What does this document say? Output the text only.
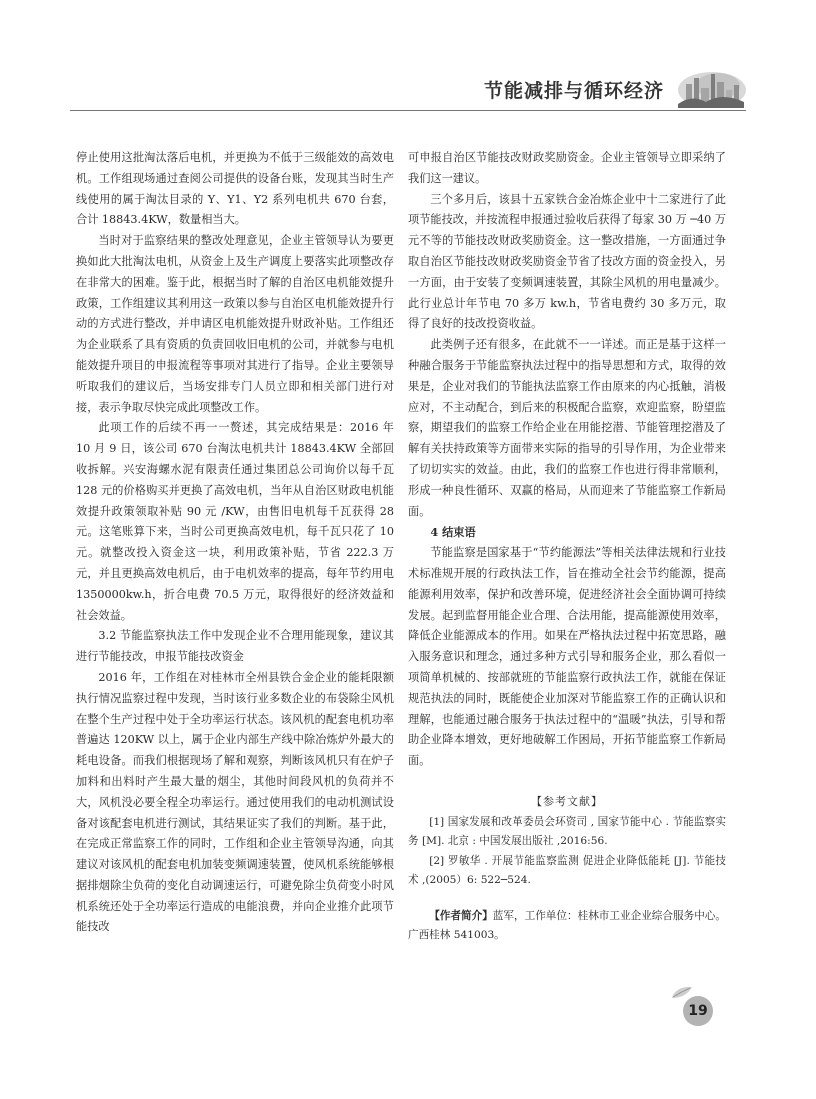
节能减排与循环经济

停止使用这批淘汰落后电机，并更换为不低于三级能效的高效电机。工作组现场通过查阅公司提供的设备台账，发现其当时生产线使用的属于淘汰目录的 Y、Y1、Y2 系列电机共 670 台套，合计 18843.4KW，数量相当大。

当时对于监察结果的整改处理意见，企业主管领导认为要更换如此大批淘汰电机，从资金上及生产调度上要落实此项整改存在非常大的困难。鉴于此，根据当时了解的自治区电机能效提升政策，工作组建议其利用这一政策以参与自治区电机能效提升行动的方式进行整改，并申请区电机能效提升财政补贴。工作组还为企业联系了具有资质的负责回收旧电机的公司，并就参与电机能效提升项目的申报流程等事项对其进行了指导。企业主要领导听取我们的建议后，当场安排专门人员立即和相关部门进行对接，表示争取尽快完成此项整改工作。

此项工作的后续不再一一赘述，其完成结果是：2016 年 10 月 9 日，该公司 670 台淘汰电机共计 18843.4KW 全部回收拆解。兴安海螺水泥有限责任通过集团总公司询价以每千瓦 128 元的价格购买并更换了高效电机，当年从自治区财政电机能效提升政策领取补贴 90 元 /KW，由售旧电机每千瓦获得 28 元。这笔账算下来，当时公司更换高效电机，每千瓦只花了 10 元。就整改投入资金这一块，利用政策补贴，节省 222.3 万元，并且更换高效电机后，由于电机效率的提高，每年节约用电 1350000kw.h，折合电费 70.5 万元，取得很好的经济效益和社会效益。

3.2 节能监察执法工作中发现企业不合理用能现象，建议其进行节能技改，申报节能技改资金

2016 年，工作组在对桂林市全州县铁合金企业的能耗限额执行情况监察过程中发现，当时该行业多数企业的布袋除尘风机在整个生产过程中处于全功率运行状态。该风机的配套电机功率普遍达 120KW 以上，属于企业内部生产线中除冶炼炉外最大的耗电设备。而我们根据现场了解和观察，判断该风机只有在炉子加料和出料时产生最大量的烟尘，其他时间段风机的负荷并不大，风机没必要全程全功率运行。通过使用我们的电动机测试设备对该配套电机进行测试，其结果证实了我们的判断。基于此，在完成正常监察工作的同时，工作组和企业主管领导沟通，向其建议对该风机的配套电机加装变频调速装置，使风机系统能够根据排烟除尘负荷的变化自动调速运行，可避免除尘负荷变小时风机系统还处于全功率运行造成的电能浪费，并向企业推介此项节能技改

可申报自治区节能技改财政奖励资金。企业主管领导立即采纳了我们这一建议。

三个多月后，该县十五家铁合金冶炼企业中十二家进行了此项节能技改，并按流程申报通过验收后获得了每家 30 万 ─40 万元不等的节能技改财政奖励资金。这一整改措施，一方面通过争取自治区节能技改财政奖励资金节省了技改方面的资金投入，另一方面，由于安装了变频调速装置，其除尘风机的用电量减少。此行业总计年节电 70 多万 kw.h，节省电费约 30 多万元，取得了良好的技改投资收益。

此类例子还有很多，在此就不一一详述。而正是基于这样一种融合服务于节能监察执法过程中的指导思想和方式，取得的效果是，企业对我们的节能执法监察工作由原来的内心抵触，消极应对，不主动配合，到后来的积极配合监察，欢迎监察，盼望监察，期望我们的监察工作给企业在用能挖潜、节能管理挖潜及了解有关扶持政策等方面带来实际的指导的引导作用，为企业带来了切切实实的效益。由此，我们的监察工作也进行得非常顺利，形成一种良性循环、双赢的格局，从而迎来了节能监察工作新局面。

4 结束语

节能监察是国家基于“节约能源法”等相关法律法规和行业技术标准规开展的行政执法工作，旨在推动全社会节约能源，提高能源利用效率，保护和改善环境，促进经济社会全面协调可持续发展。起到监督用能企业合理、合法用能，提高能源使用效率，降低企业能源成本的作用。如果在严格执法过程中拓宽思路，融入服务意识和理念，通过多种方式引导和服务企业，那么看似一项简单机械的、按部就班的节能监察行政执法工作，就能在保证规范执法的同时，既能使企业加深对节能监察工作的正确认识和理解，也能通过融合服务于执法过程中的“温暖”执法，引导和帮助企业降本增效，更好地破解工作困局，开拓节能监察工作新局面。

【参考文献】

[1] 国家发展和改革委员会环资司 , 国家节能中心 . 节能监察实务 [M]. 北京 : 中国发展出版社 ,2016:56.

[2] 罗敏华 . 开展节能监察监测 促进企业降低能耗 [J]. 节能技术 ,(2005）6: 522─524.

【作者简介】蓝军，工作单位：桂林市工业企业综合服务中心。广西桂林 541003。

19
